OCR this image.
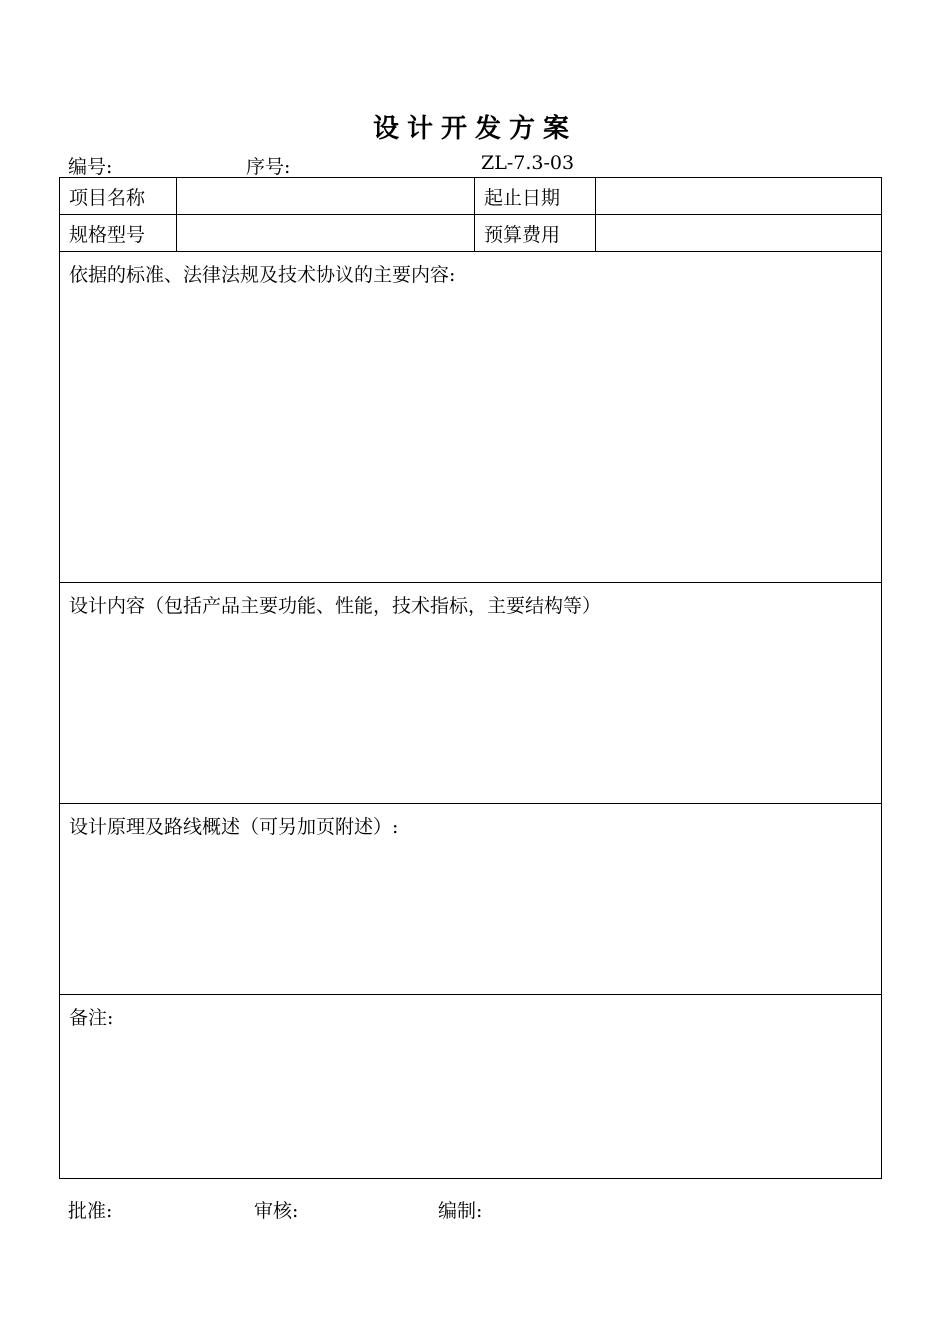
设计开发方案
编号:	序号:	ZL-7.3-03
项目名称		起止日期	
规格型号		预算费用	
依据的标准、法律法规及技术协议的主要内容:			
设计内容（包括产品主要功能、性能，技术指标，主要结构等）			
设计原理及路线概述（可另加页附述）:			
备注:			
批准:	审核:	编制:
